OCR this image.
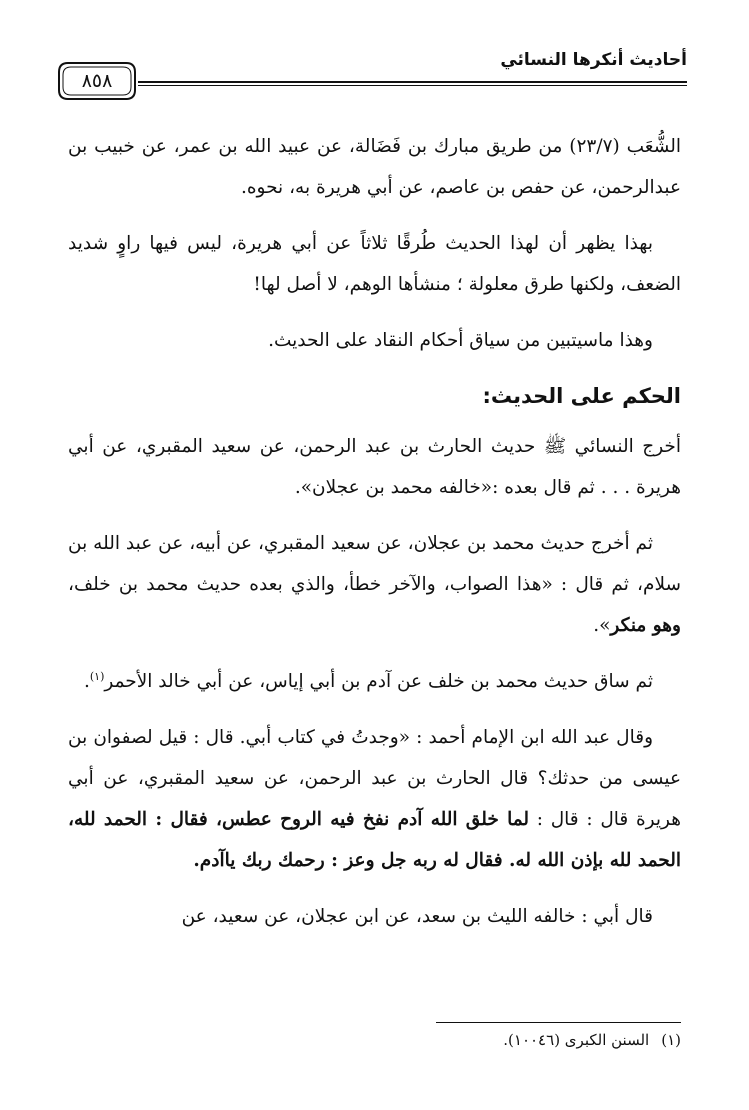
أحاديث أنكرها النسائي
٨٥٨

الشُّعَب (٢٣/٧) من طريق مبارك بن فَضَالة، عن عبيد الله بن عمر، عن خبيب بن عبدالرحمن، عن حفص بن عاصم، عن أبي هريرة به، نحوه.

بهذا يظهر أن لهذا الحديث طُرقًا ثلاثاً عن أبي هريرة، ليس فيها راوٍ شديد الضعف، ولكنها طرق معلولة ؛ منشأها الوهم، لا أصل لها!

وهذا ماسيتبين من سياق أحكام النقاد على الحديث.

الحكم على الحديث:

أخرج النسائي ﷺ حديث الحارث بن عبد الرحمن، عن سعيد المقبري، عن أبي هريرة . . . ثم قال بعده :«خالفه محمد بن عجلان».

ثم أخرج حديث محمد بن عجلان، عن سعيد المقبري، عن أبيه، عن عبد الله بن سلام، ثم قال : «هذا الصواب، والآخر خطأ، والذي بعده حديث محمد بن خلف، وهو منكر».

ثم ساق حديث محمد بن خلف عن آدم بن أبي إياس، عن أبي خالد الأحمر$^{(١)}$.

وقال عبد الله ابن الإمام أحمد : «وجدتُ في كتاب أبي. قال : قيل لصفوان بن عيسى من حدثك؟ قال الحارث بن عبد الرحمن، عن سعيد المقبري، عن أبي هريرة قال : قال : لما خلق الله آدم نفخ فيه الروح عطس، فقال : الحمد لله، الحمد لله بإذن الله له. فقال له ربه جل وعز : رحمك ربك ياآدم.

قال أبي : خالفه الليث بن سعد، عن ابن عجلان، عن سعيد، عن

(١)السنن الكبرى (١٠٠٤٦).
